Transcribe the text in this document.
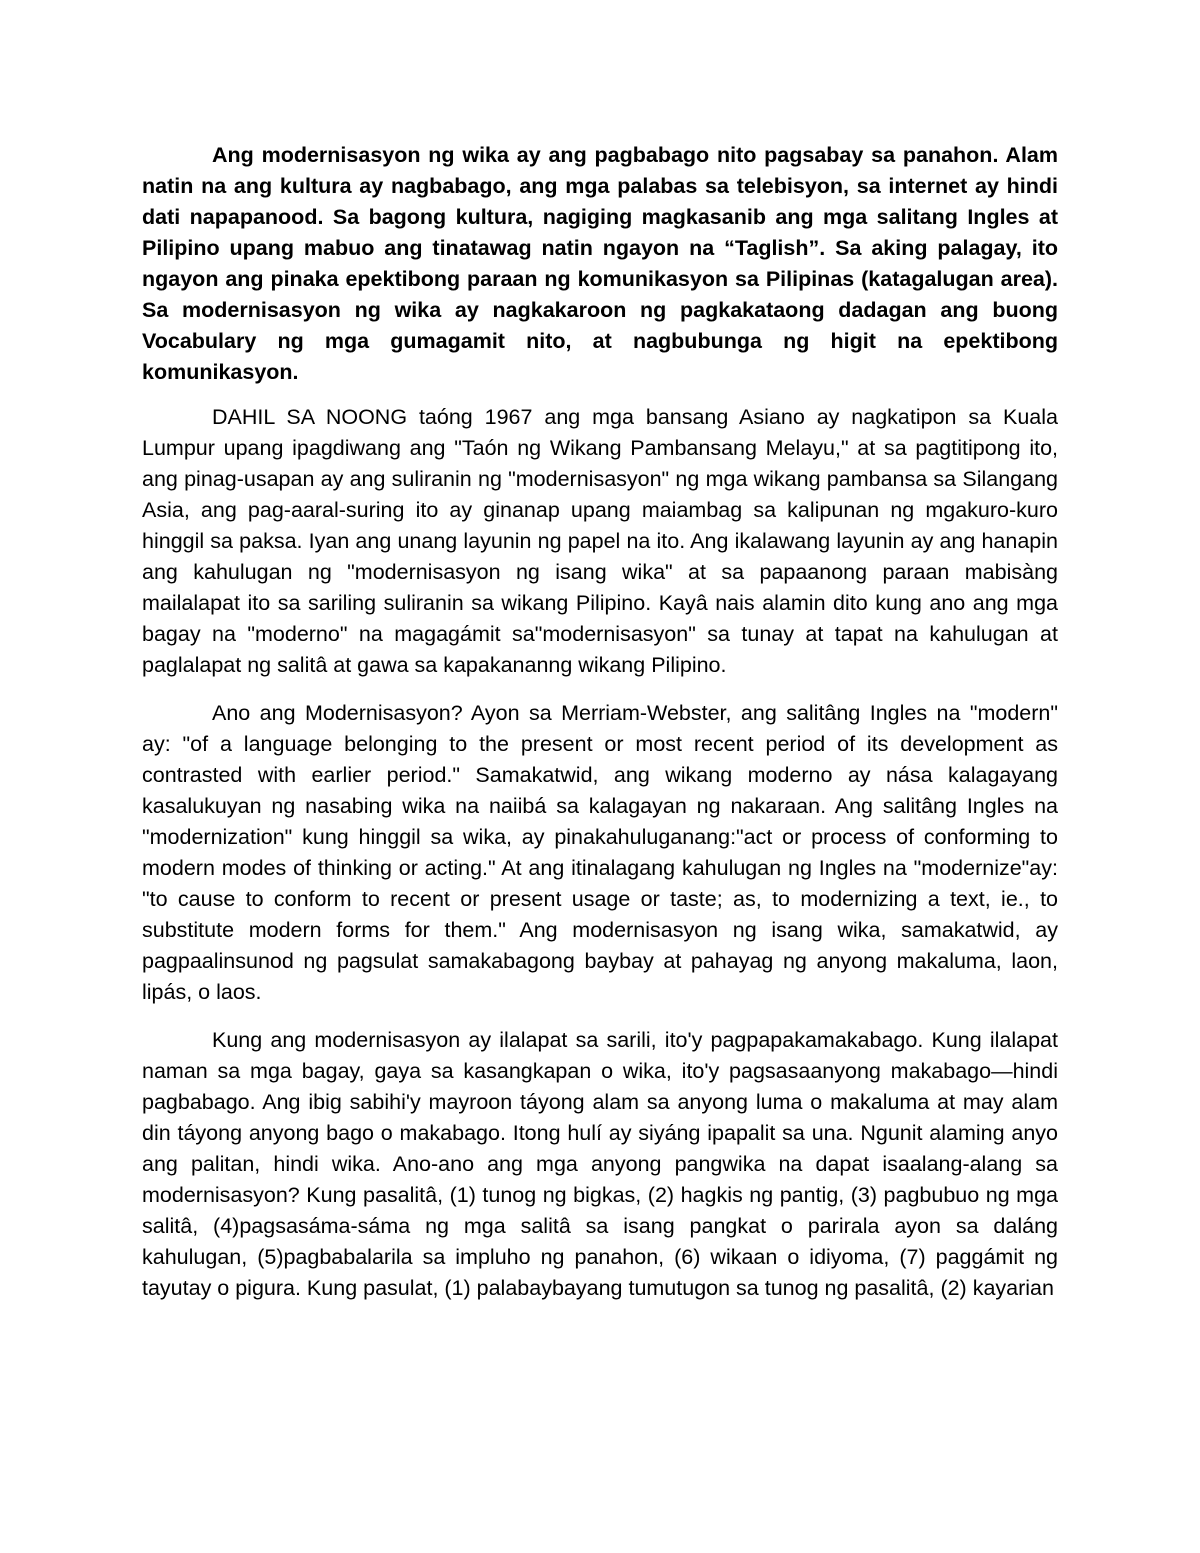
Ang modernisasyon ng wika ay ang pagbabago nito pagsabay sa panahon. Alam natin na ang kultura ay nagbabago, ang mga palabas sa telebisyon, sa internet ay hindi dati napapanood. Sa bagong kultura, nagiging magkasanib ang mga salitang Ingles at Pilipino upang mabuo ang tinatawag natin ngayon na “Taglish”. Sa aking palagay, ito ngayon ang pinaka epektibong paraan ng komunikasyon sa Pilipinas (katagalugan area). Sa modernisasyon ng wika ay nagkakaroon ng pagkakataong dadagan ang buong Vocabulary ng mga gumagamit nito, at nagbubunga ng higit na epektibong komunikasyon.

DAHIL SA NOONG taóng 1967 ang mga bansang Asiano ay nagkatipon sa Kuala Lumpur upang ipagdiwang ang "Taón ng Wikang Pambansang Melayu," at sa pagtitipong ito, ang pinag-usapan ay ang suliranin ng "modernisasyon" ng mga wikang pambansa sa Silangang Asia, ang pag-aaral-suring ito ay ginanap upang maiambag sa kalipunan ng mgakuro-kuro hinggil sa paksa. Iyan ang unang layunin ng papel na ito. Ang ikalawang layunin ay ang hanapin ang kahulugan ng "modernisasyon ng isang wika" at sa papaanong paraan mabisàng mailalapat ito sa sariling suliranin sa wikang Pilipino. Kayâ nais alamin dito kung ano ang mga bagay na "moderno" na magagámit sa"modernisasyon" sa tunay at tapat na kahulugan at paglalapat ng salitâ at gawa sa kapakananng wikang Pilipino.

Ano ang Modernisasyon? Ayon sa Merriam-Webster, ang salitâng Ingles na "modern" ay: "of a language belonging to the present or most recent period of its development as contrasted with earlier period." Samakatwid, ang wikang moderno ay nása kalagayang kasalukuyan ng nasabing wika na naiibá sa kalagayan ng nakaraan. Ang salitâng Ingles na "modernization" kung hinggil sa wika, ay pinakahuluganang:"act or process of conforming to modern modes of thinking or acting." At ang itinalagang kahulugan ng Ingles na "modernize"ay: "to cause to conform to recent or present usage or taste; as, to modernizing a text, ie., to substitute modern forms for them." Ang modernisasyon ng isang wika, samakatwid, ay pagpaalinsunod ng pagsulat samakabagong baybay at pahayag ng anyong makaluma, laon, lipás, o laos.

Kung ang modernisasyon ay ilalapat sa sarili, ito'y pagpapakamakabago. Kung ilalapat naman sa mga bagay, gaya sa kasangkapan o wika, ito'y pagsasaanyong makabago—hindi pagbabago. Ang ibig sabihi'y mayroon táyong alam sa anyong luma o makaluma at may alam din táyong anyong bago o makabago. Itong hulí ay siyáng ipapalit sa una. Ngunit alaming anyo ang palitan, hindi wika. Ano-ano ang mga anyong pangwika na dapat isaalang-alang sa modernisasyon? Kung pasalitâ, (1) tunog ng bigkas, (2) hagkis ng pantig, (3) pagbubuo ng mga salitâ, (4)pagsasáma-sáma ng mga salitâ sa isang pangkat o parirala ayon sa daláng kahulugan, (5)pagbabalarila sa impluho ng panahon, (6) wikaan o idiyoma, (7) paggámit ng tayutay o pigura. Kung pasulat, (1) palabaybayang tumutugon sa tunog ng pasalitâ, (2) kayarian
